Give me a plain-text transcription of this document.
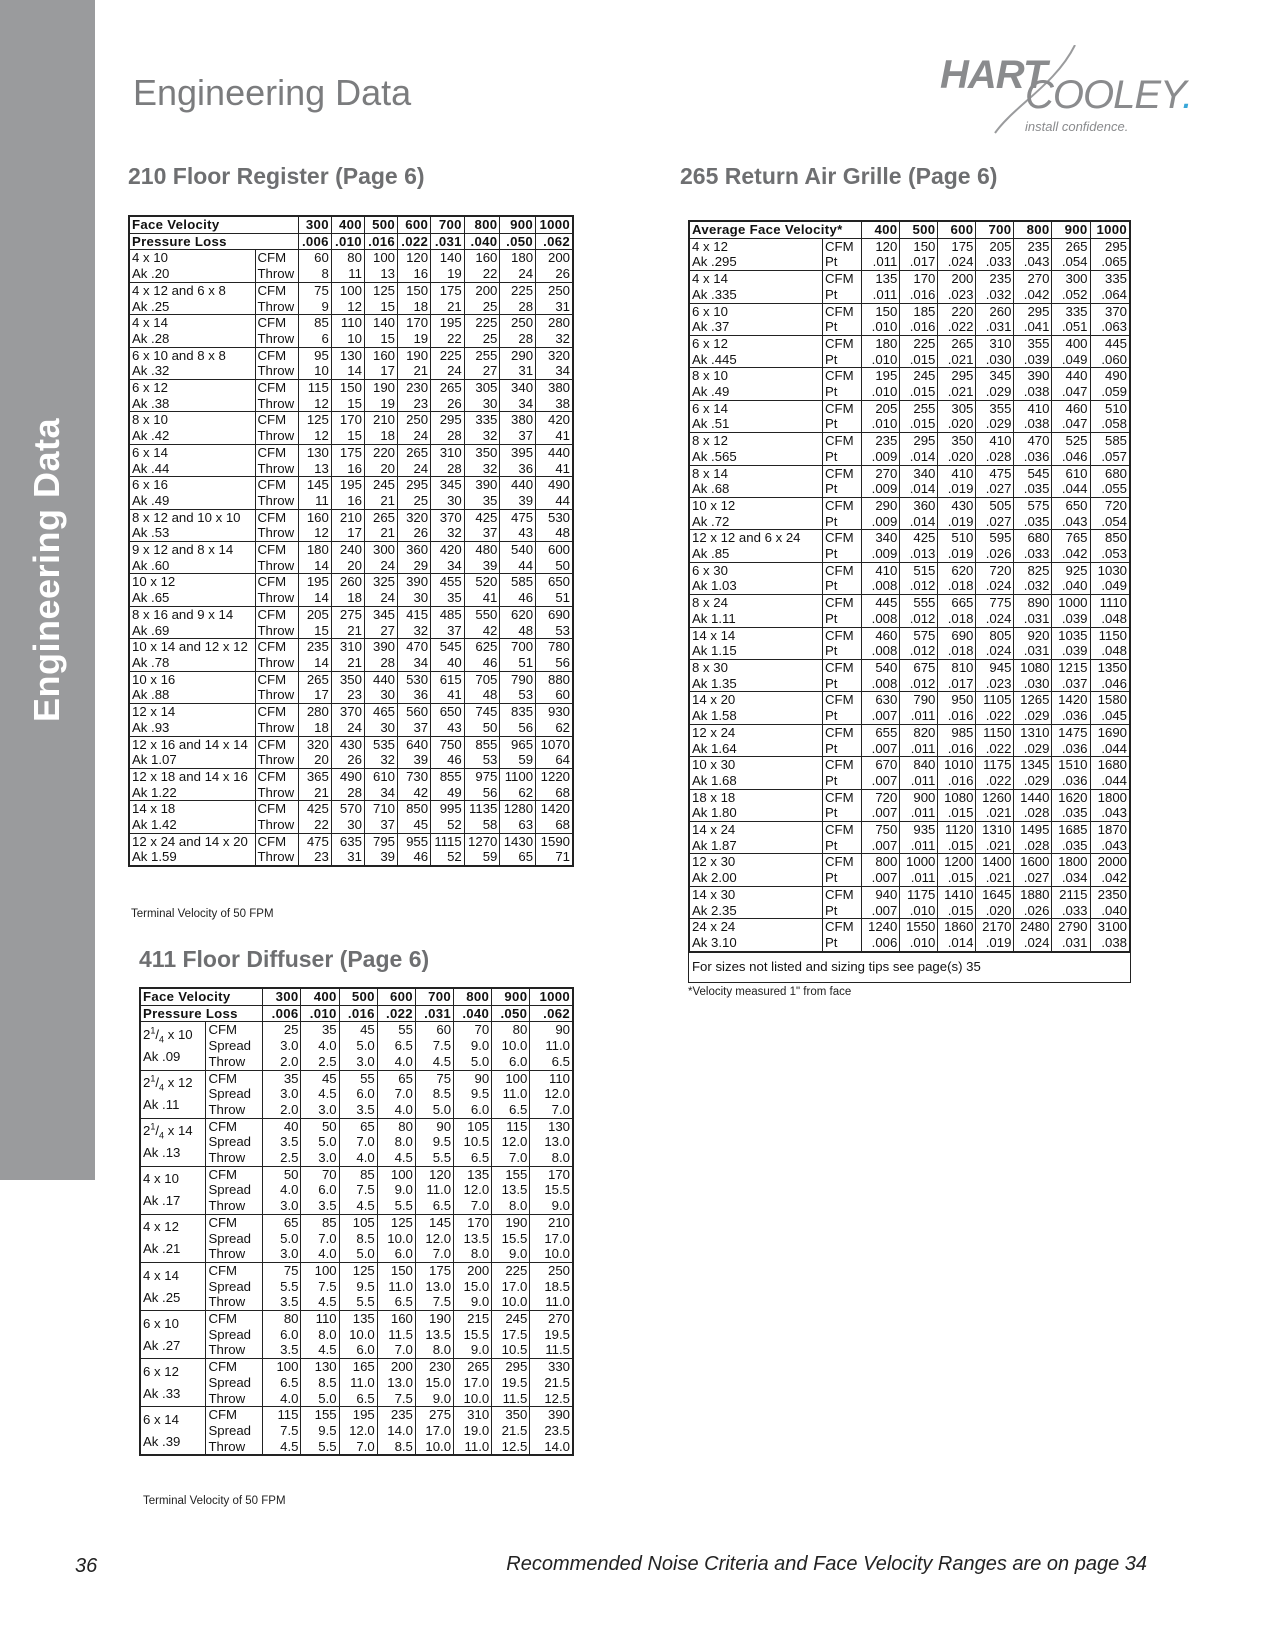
Engineering Data
Engineering Data	HART
COOLEY.
install confidence.
210 Floor Register (Page 6)
Face Velocity		300	400	500	600	700	800	900	1000
Pressure Loss		.006	.010	.016	.022	.031	.040	.050	.062
4 x 10	CFM	60	80	100	120	140	160	180	200
Ak .20	Throw	8	11	13	16	19	22	24	26
4 x 12 and 6 x 8	CFM	75	100	125	150	175	200	225	250
Ak .25	Throw	9	12	15	18	21	25	28	31
4 x 14	CFM	85	110	140	170	195	225	250	280
Ak .28	Throw	6	10	15	19	22	25	28	32
6 x 10 and 8 x 8	CFM	95	130	160	190	225	255	290	320
Ak .32	Throw	10	14	17	21	24	27	31	34
6 x 12	CFM	115	150	190	230	265	305	340	380
Ak .38	Throw	12	15	19	23	26	30	34	38
8 x 10	CFM	125	170	210	250	295	335	380	420
Ak .42	Throw	12	15	18	24	28	32	37	41
6 x 14	CFM	130	175	220	265	310	350	395	440
Ak .44	Throw	13	16	20	24	28	32	36	41
6 x 16	CFM	145	195	245	295	345	390	440	490
Ak .49	Throw	11	16	21	25	30	35	39	44
8 x 12 and 10 x 10	CFM	160	210	265	320	370	425	475	530
Ak .53	Throw	12	17	21	26	32	37	43	48
9 x 12 and 8 x 14	CFM	180	240	300	360	420	480	540	600
Ak .60	Throw	14	20	24	29	34	39	44	50
10 x 12	CFM	195	260	325	390	455	520	585	650
Ak .65	Throw	14	18	24	30	35	41	46	51
8 x 16 and 9 x 14	CFM	205	275	345	415	485	550	620	690
Ak .69	Throw	15	21	27	32	37	42	48	53
10 x 14 and 12 x 12	CFM	235	310	390	470	545	625	700	780
Ak .78	Throw	14	21	28	34	40	46	51	56
10 x 16	CFM	265	350	440	530	615	705	790	880
Ak .88	Throw	17	23	30	36	41	48	53	60
12 x 14	CFM	280	370	465	560	650	745	835	930
Ak .93	Throw	18	24	30	37	43	50	56	62
12 x 16 and 14 x 14	CFM	320	430	535	640	750	855	965	1070
Ak 1.07	Throw	20	26	32	39	46	53	59	64
12 x 18 and 14 x 16	CFM	365	490	610	730	855	975	1100	1220
Ak 1.22	Throw	21	28	34	42	49	56	62	68
14 x 18	CFM	425	570	710	850	995	1135	1280	1420
Ak 1.42	Throw	22	30	37	45	52	58	63	68
12 x 24 and 14 x 20	CFM	475	635	795	955	1115	1270	1430	1590
Ak 1.59	Throw	23	31	39	46	52	59	65	71
Terminal Velocity of 50 FPM
411 Floor Diffuser (Page 6)
Face Velocity		300	400	500	600	700	800	900	1000
Pressure Loss		.006	.010	.016	.022	.031	.040	.050	.062
$2^1/_4$ x 10
Ak .09	CFM	25	35	45	55	60	70	80	90
	Spread	3.0	4.0	5.0	6.5	7.5	9.0	10.0	11.0
	Throw	2.0	2.5	3.0	4.0	4.5	5.0	6.0	6.5
$2^1/_4$ x 12
Ak .11	CFM	35	45	55	65	75	90	100	110
	Spread	3.0	4.5	6.0	7.0	8.5	9.5	11.0	12.0
	Throw	2.0	3.0	3.5	4.0	5.0	6.0	6.5	7.0
$2^1/_4$ x 14
Ak .13	CFM	40	50	65	80	90	105	115	130
	Spread	3.5	5.0	7.0	8.0	9.5	10.5	12.0	13.0
	Throw	2.5	3.0	4.0	4.5	5.5	6.5	7.0	8.0
4 x 10
Ak .17	CFM	50	70	85	100	120	135	155	170
	Spread	4.0	6.0	7.5	9.0	11.0	12.0	13.5	15.5
	Throw	3.0	3.5	4.5	5.5	6.5	7.0	8.0	9.0
4 x 12
Ak .21	CFM	65	85	105	125	145	170	190	210
	Spread	5.0	7.0	8.5	10.0	12.0	13.5	15.5	17.0
	Throw	3.0	4.0	5.0	6.0	7.0	8.0	9.0	10.0
4 x 14
Ak .25	CFM	75	100	125	150	175	200	225	250
	Spread	5.5	7.5	9.5	11.0	13.0	15.0	17.0	18.5
	Throw	3.5	4.5	5.5	6.5	7.5	9.0	10.0	11.0
6 x 10
Ak .27	CFM	80	110	135	160	190	215	245	270
	Spread	6.0	8.0	10.0	11.5	13.5	15.5	17.5	19.5
	Throw	3.5	4.5	6.0	7.0	8.0	9.0	10.5	11.5
6 x 12
Ak .33	CFM	100	130	165	200	230	265	295	330
	Spread	6.5	8.5	11.0	13.0	15.0	17.0	19.5	21.5
	Throw	4.0	5.0	6.5	7.5	9.0	10.0	11.5	12.5
6 x 14
Ak .39	CFM	115	155	195	235	275	310	350	390
	Spread	7.5	9.5	12.0	14.0	17.0	19.0	21.5	23.5
	Throw	4.5	5.5	7.0	8.5	10.0	11.0	12.5	14.0
Terminal Velocity of 50 FPM
265 Return Air Grille (Page 6)
Average Face Velocity*		400	500	600	700	800	900	1000
4 x 12	CFM	120	150	175	205	235	265	295
Ak .295	Pt	.011	.017	.024	.033	.043	.054	.065
4 x 14	CFM	135	170	200	235	270	300	335
Ak .335	Pt	.011	.016	.023	.032	.042	.052	.064
6 x 10	CFM	150	185	220	260	295	335	370
Ak .37	Pt	.010	.016	.022	.031	.041	.051	.063
6 x 12	CFM	180	225	265	310	355	400	445
Ak .445	Pt	.010	.015	.021	.030	.039	.049	.060
8 x 10	CFM	195	245	295	345	390	440	490
Ak .49	Pt	.010	.015	.021	.029	.038	.047	.059
6 x 14	CFM	205	255	305	355	410	460	510
Ak .51	Pt	.010	.015	.020	.029	.038	.047	.058
8 x 12	CFM	235	295	350	410	470	525	585
Ak .565	Pt	.009	.014	.020	.028	.036	.046	.057
8 x 14	CFM	270	340	410	475	545	610	680
Ak .68	Pt	.009	.014	.019	.027	.035	.044	.055
10 x 12	CFM	290	360	430	505	575	650	720
Ak .72	Pt	.009	.014	.019	.027	.035	.043	.054
12 x 12 and 6 x 24	CFM	340	425	510	595	680	765	850
Ak .85	Pt	.009	.013	.019	.026	.033	.042	.053
6 x 30	CFM	410	515	620	720	825	925	1030
Ak 1.03	Pt	.008	.012	.018	.024	.032	.040	.049
8 x 24	CFM	445	555	665	775	890	1000	1110
Ak 1.11	Pt	.008	.012	.018	.024	.031	.039	.048
14 x 14	CFM	460	575	690	805	920	1035	1150
Ak 1.15	Pt	.008	.012	.018	.024	.031	.039	.048
8 x 30	CFM	540	675	810	945	1080	1215	1350
Ak 1.35	Pt	.008	.012	.017	.023	.030	.037	.046
14 x 20	CFM	630	790	950	1105	1265	1420	1580
Ak 1.58	Pt	.007	.011	.016	.022	.029	.036	.045
12 x 24	CFM	655	820	985	1150	1310	1475	1690
Ak 1.64	Pt	.007	.011	.016	.022	.029	.036	.044
10 x 30	CFM	670	840	1010	1175	1345	1510	1680
Ak 1.68	Pt	.007	.011	.016	.022	.029	.036	.044
18 x 18	CFM	720	900	1080	1260	1440	1620	1800
Ak 1.80	Pt	.007	.011	.015	.021	.028	.035	.043
14 x 24	CFM	750	935	1120	1310	1495	1685	1870
Ak 1.87	Pt	.007	.011	.015	.021	.028	.035	.043
12 x 30	CFM	800	1000	1200	1400	1600	1800	2000
Ak 2.00	Pt	.007	.011	.015	.021	.027	.034	.042
14 x 30	CFM	940	1175	1410	1645	1880	2115	2350
Ak 2.35	Pt	.007	.010	.015	.020	.026	.033	.040
24 x 24	CFM	1240	1550	1860	2170	2480	2790	3100
Ak 3.10	Pt	.006	.010	.014	.019	.024	.031	.038
For sizes not listed and sizing tips see page(s) 35
*Velocity measured 1" from face
36	Recommended Noise Criteria and Face Velocity Ranges are on page 34
